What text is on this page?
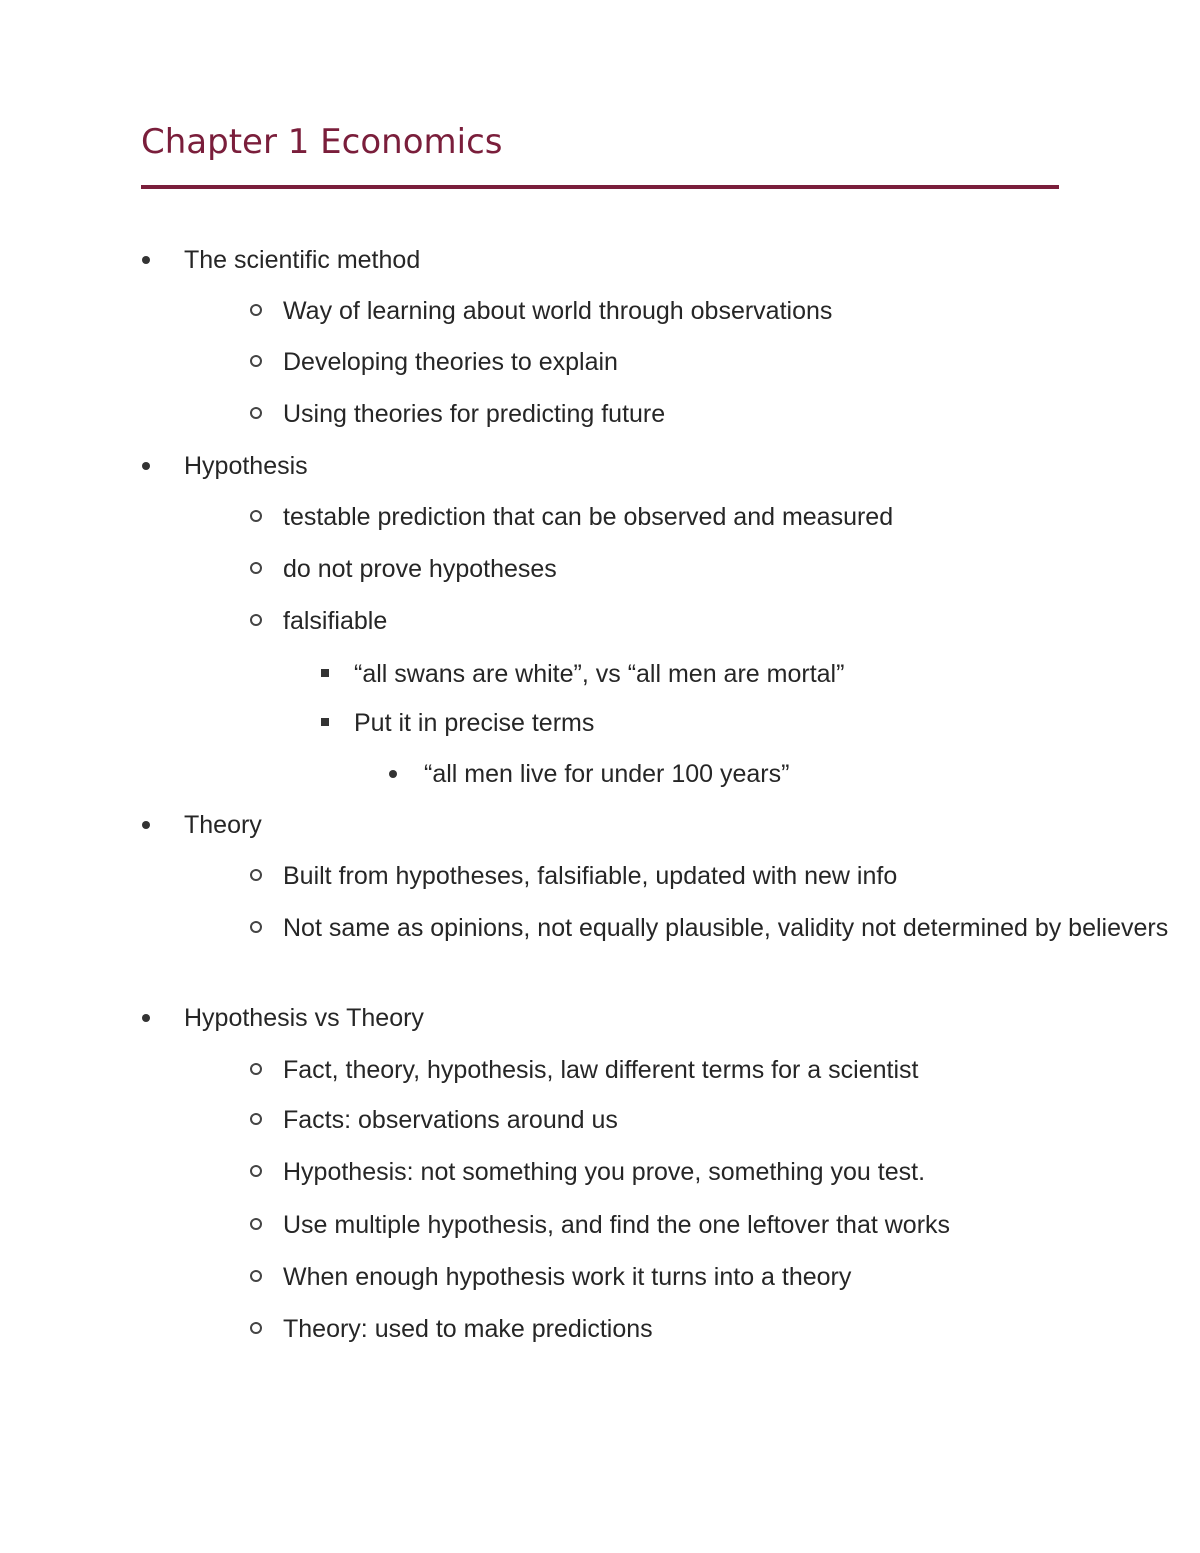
Chapter 1 Economics
The scientific method
Way of learning about world through observations
Developing theories to explain
Using theories for predicting future
Hypothesis
testable prediction that can be observed and measured
do not prove hypotheses
falsifiable
“all swans are white”, vs “all men are mortal”
Put it in precise terms
“all men live for under 100 years”
Theory
Built from hypotheses, falsifiable, updated with new info
Not same as opinions, not equally plausible, validity not determined by believers
Hypothesis vs Theory
Fact, theory, hypothesis, law different terms for a scientist
Facts: observations around us
Hypothesis: not something you prove, something you test.
Use multiple hypothesis, and find the one leftover that works
When enough hypothesis work it turns into a theory
Theory: used to make predictions
